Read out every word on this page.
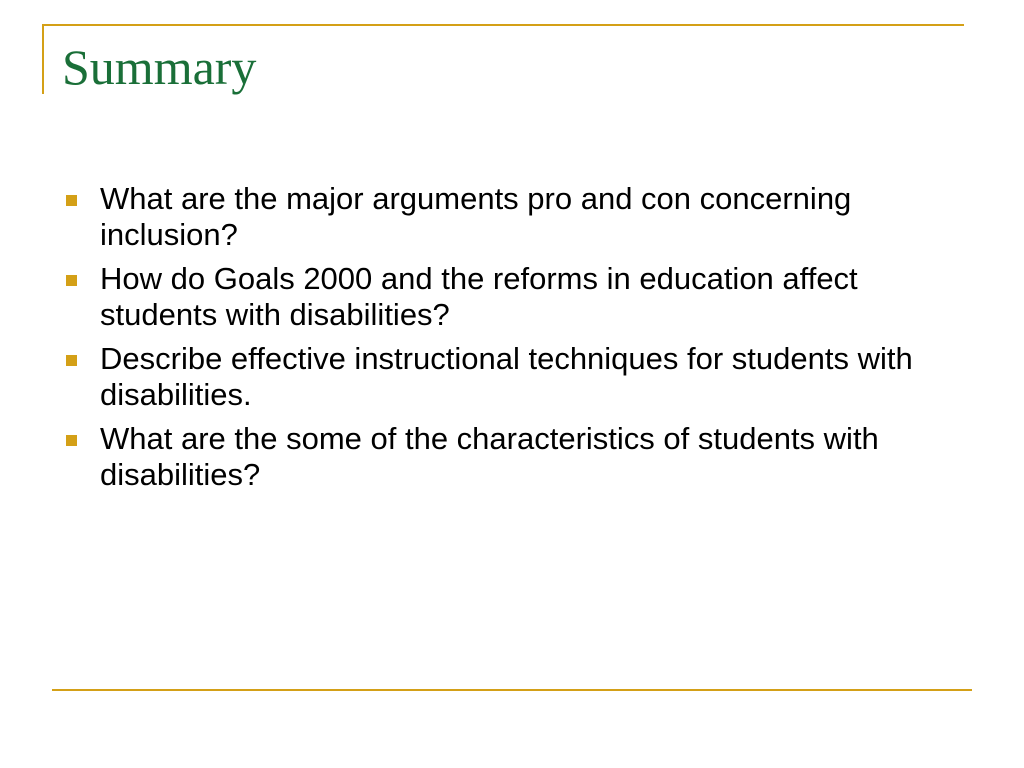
Summary
What are the major arguments pro and con concerning inclusion?
How do Goals 2000 and the reforms in education affect students with disabilities?
Describe effective instructional techniques for students with disabilities.
What are the some of the characteristics of students with disabilities?
